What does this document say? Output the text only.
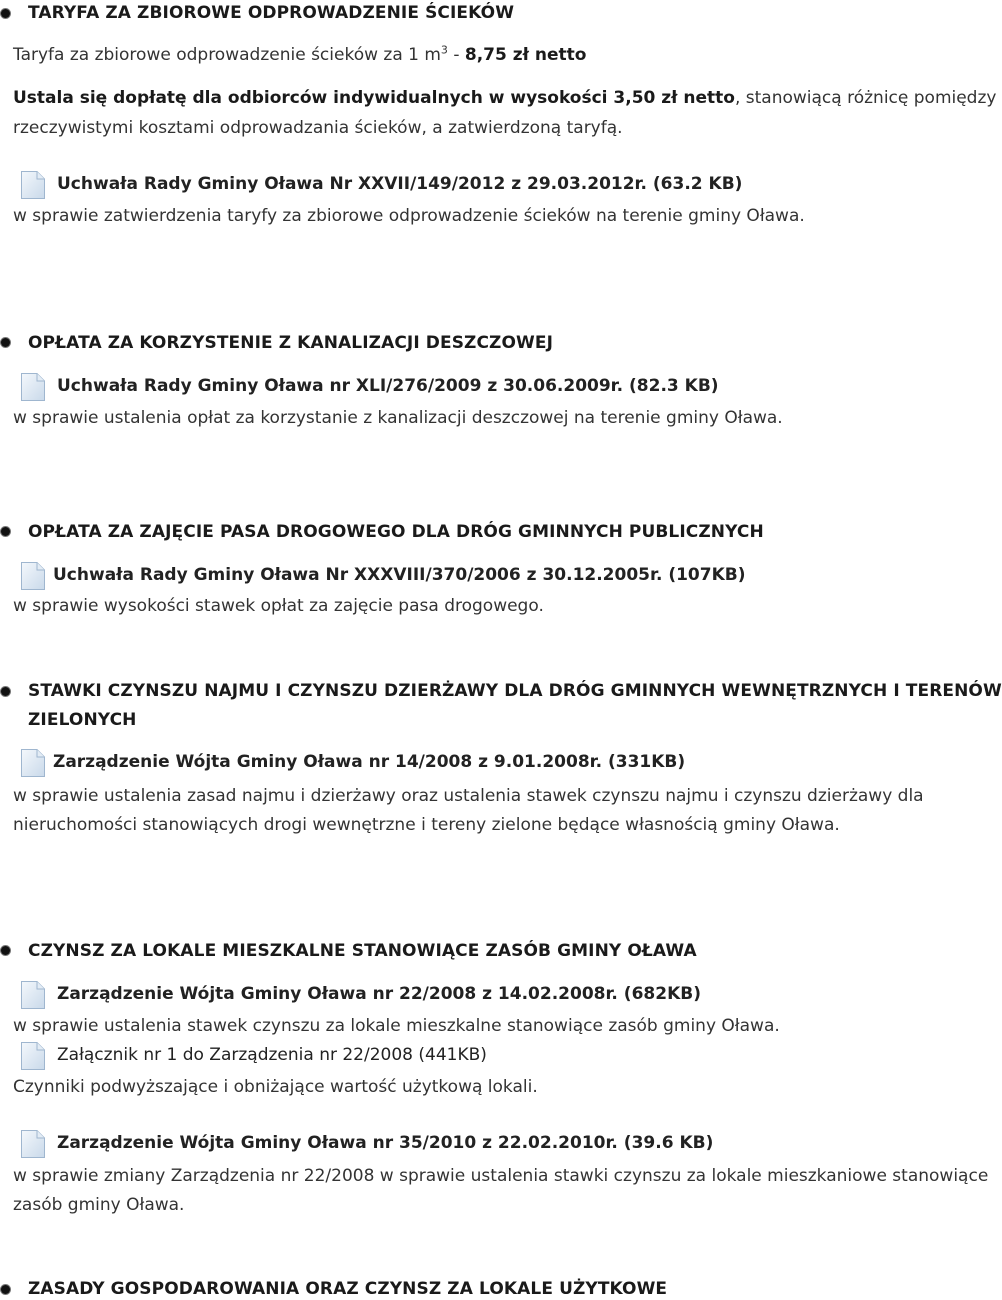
TARYFA ZA ZBIOROWE ODPROWADZENIE ŚCIEKÓW
Taryfa za zbiorowe odprowadzenie ścieków za 1 $m^3 - 8,75$ zł netto
Ustala się dopłatę dla odbiorców indywidualnych w wysokości 3,50 zł netto, stanowiącą różnicę pomiędzy
rzeczywistymi kosztami odprowadzania ścieków, a zatwierdzoną taryfą.
Uchwała Rady Gminy Oława Nr XXVII/149/2012 z 29.03.2012r. (63.2 KB)
w sprawie zatwierdzenia taryfy za zbiorowe odprowadzenie ścieków na terenie gminy Oława.
OPŁATA ZA KORZYSTENIE Z KANALIZACJI DESZCZOWEJ
Uchwała Rady Gminy Oława nr XLI/276/2009 z 30.06.2009r. (82.3 KB)
w sprawie ustalenia opłat za korzystanie z kanalizacji deszczowej na terenie gminy Oława.
OPŁATA ZA ZAJĘCIE PASA DROGOWEGO DLA DRÓG GMINNYCH PUBLICZNYCH
Uchwała Rady Gminy Oława Nr XXXVIII/370/2006 z 30.12.2005r. (107KB)
w sprawie wysokości stawek opłat za zajęcie pasa drogowego.
STAWKI CZYNSZU NAJMU I CZYNSZU DZIERŻAWY DLA DRÓG GMINNYCH WEWNĘTRZNYCH I TERENÓW
ZIELONYCH
Zarządzenie Wójta Gminy Oława nr 14/2008 z 9.01.2008r. (331KB)
w sprawie ustalenia zasad najmu i dzierżawy oraz ustalenia stawek czynszu najmu i czynszu dzierżawy dla
nieruchomości stanowiących drogi wewnętrzne i tereny zielone będące własnością gminy Oława.
CZYNSZ ZA LOKALE MIESZKALNE STANOWIĄCE ZASÓB GMINY OŁAWA
Zarządzenie Wójta Gminy Oława nr 22/2008 z 14.02.2008r. (682KB)
w sprawie ustalenia stawek czynszu za lokale mieszkalne stanowiące zasób gminy Oława.
Załącznik nr 1 do Zarządzenia nr 22/2008 (441KB)
Czynniki podwyższające i obniżające wartość użytkową lokali.
Zarządzenie Wójta Gminy Oława nr 35/2010 z 22.02.2010r. (39.6 KB)
w sprawie zmiany Zarządzenia nr 22/2008 w sprawie ustalenia stawki czynszu za lokale mieszkaniowe stanowiące
zasób gminy Oława.
ZASADY GOSPODAROWANIA ORAZ CZYNSZ ZA LOKALE UŻYTKOWE
